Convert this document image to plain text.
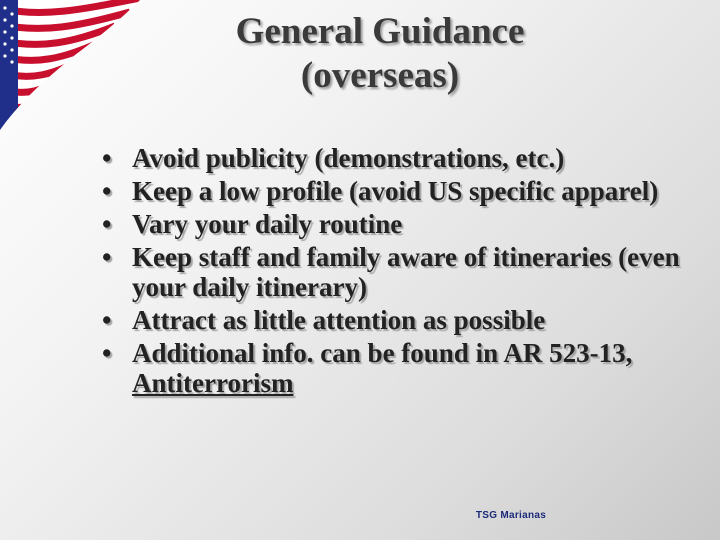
General Guidance
(overseas)
• Avoid publicity (demonstrations, etc.)
• Keep a low profile (avoid US specific apparel)
• Vary your daily routine
• Keep staff and family aware of itineraries (even your daily itinerary)
• Attract as little attention as possible
• Additional info. can be found in AR 523-13, Antiterrorism
TSG Marianas
